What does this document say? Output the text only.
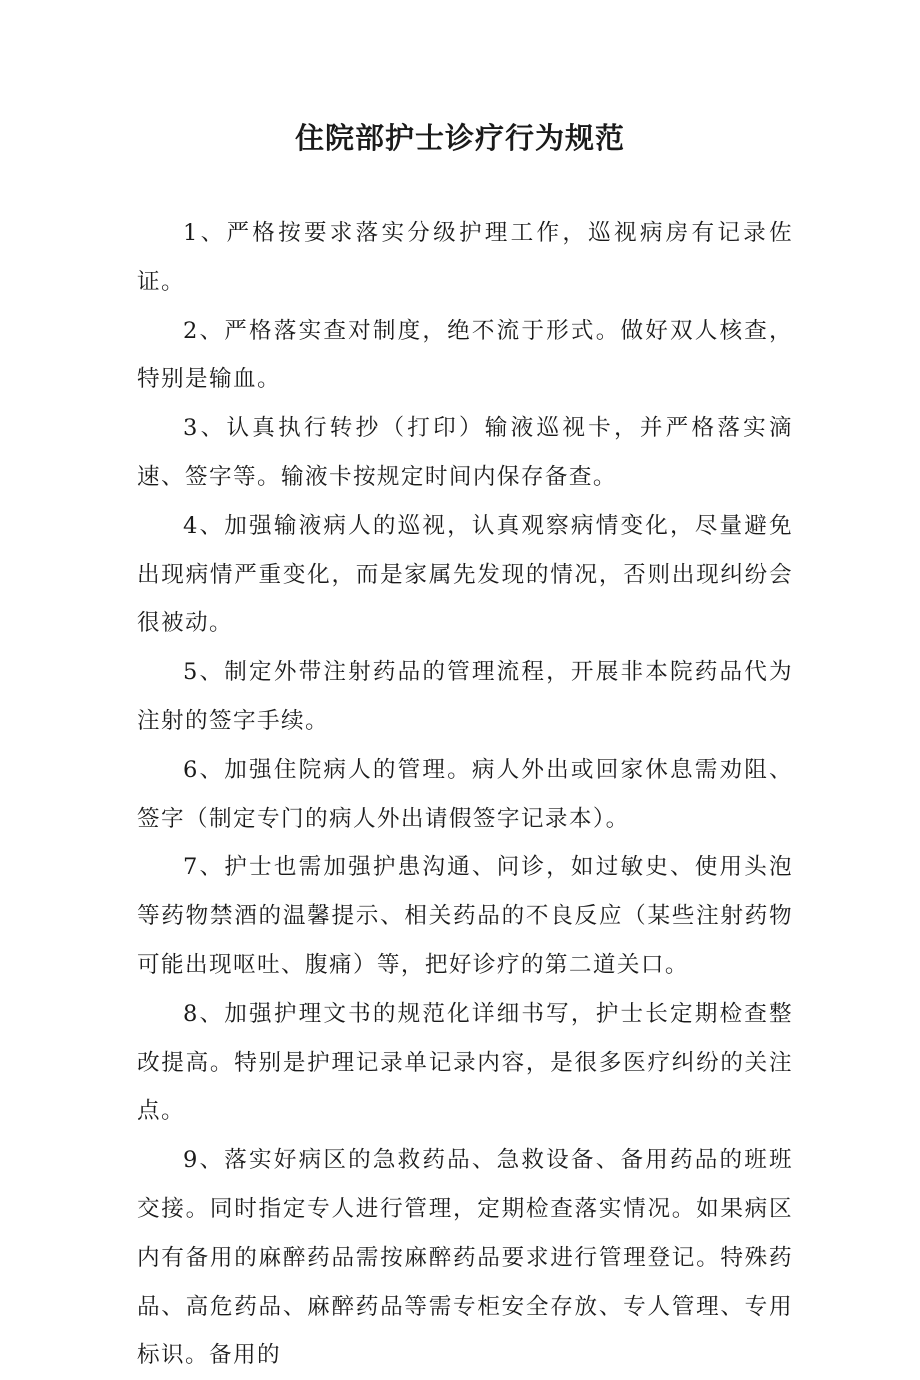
住院部护士诊疗行为规范

1、严格按要求落实分级护理工作，巡视病房有记录佐证。

2、严格落实查对制度，绝不流于形式。做好双人核查，特别是输血。

3、认真执行转抄（打印）输液巡视卡，并严格落实滴速、签字等。输液卡按规定时间内保存备查。

4、加强输液病人的巡视，认真观察病情变化，尽量避免出现病情严重变化，而是家属先发现的情况，否则出现纠纷会很被动。

5、制定外带注射药品的管理流程，开展非本院药品代为注射的签字手续。

6、加强住院病人的管理。病人外出或回家休息需劝阻、签字（制定专门的病人外出请假签字记录本）。

7、护士也需加强护患沟通、问诊，如过敏史、使用头泡等药物禁酒的温馨提示、相关药品的不良反应（某些注射药物可能出现呕吐、腹痛）等，把好诊疗的第二道关口。

8、加强护理文书的规范化详细书写，护士长定期检查整改提高。特别是护理记录单记录内容，是很多医疗纠纷的关注点。

9、落实好病区的急救药品、急救设备、备用药品的班班交接。同时指定专人进行管理，定期检查落实情况。如果病区内有备用的麻醉药品需按麻醉药品要求进行管理登记。特殊药品、高危药品、麻醉药品等需专柜安全存放、专人管理、专用标识。备用的
